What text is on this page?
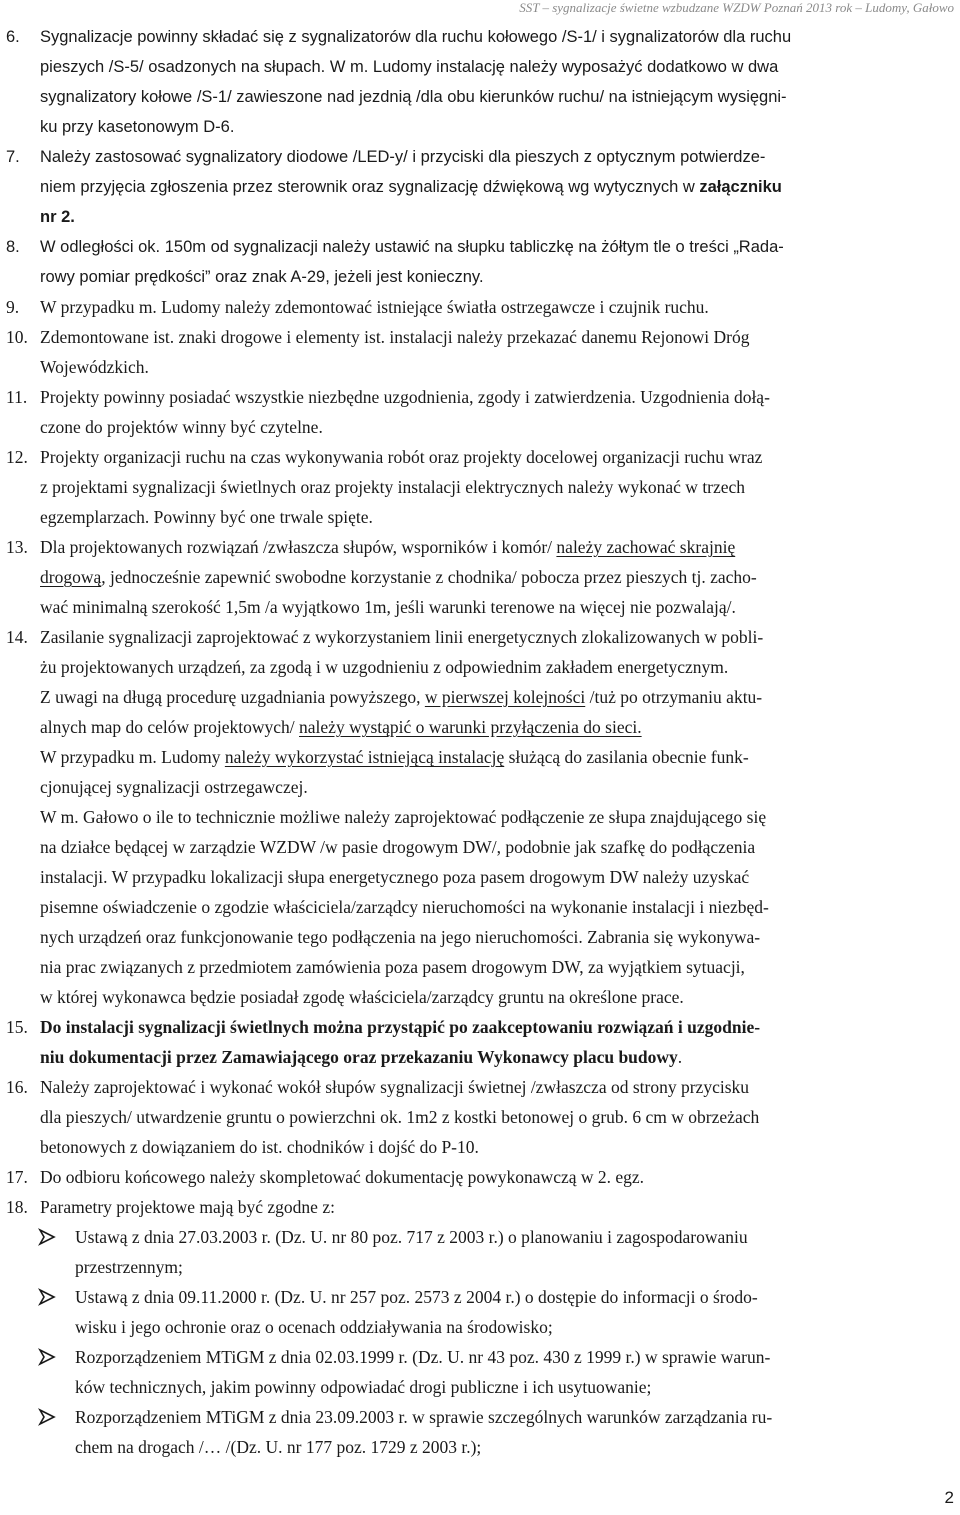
SST – sygnalizacje świetne wzbudzane WZDW Poznań 2013 rok – Ludomy, Gałowo
6.	Sygnalizacje powinny składać się z sygnalizatorów dla ruchu kołowego /S-1/ i sygnalizatorów dla ruchu
pieszych /S-5/ osadzonych na słupach. W m. Ludomy instalację należy wyposażyć dodatkowo w dwa
sygnalizatory kołowe /S-1/ zawieszone nad jezdnią /dla obu kierunków ruchu/ na istniejącym wysięgni-
ku przy kasetonowym D-6.
7.	Należy zastosować sygnalizatory diodowe /LED-y/ i przyciski dla pieszych z optycznym potwierdze-
niem przyjęcia zgłoszenia przez sterownik oraz sygnalizację dźwiękową wg wytycznych w załączniku
nr 2.
8.	W odległości ok. 150m od sygnalizacji należy ustawić na słupku tabliczkę na żółtym tle o treści „Rada-
rowy pomiar prędkości” oraz znak A-29, jeżeli jest konieczny.
9.	W przypadku m. Ludomy należy zdemontować istniejące światła ostrzegawcze i czujnik ruchu.
10. Zdemontowane ist. znaki drogowe i elementy ist. instalacji należy przekazać danemu Rejonowi Dróg
Wojewódzkich.
11. Projekty powinny posiadać wszystkie niezbędne uzgodnienia, zgody i zatwierdzenia. Uzgodnienia dołą-
czone do projektów winny być czytelne.
12. Projekty organizacji ruchu na czas wykonywania robót oraz projekty docelowej organizacji ruchu wraz
z projektami sygnalizacji świetlnych oraz projekty instalacji elektrycznych należy wykonać w trzech
egzemplarzach. Powinny być one trwale spięte.
13. Dla projektowanych rozwiązań /zwłaszcza słupów, wsporników i komór/ należy zachować skrajnię
drogową, jednocześnie zapewnić swobodne korzystanie z chodnika/ pobocza przez pieszych tj. zacho-
wać minimalną szerokość 1,5m /a wyjątkowo 1m, jeśli warunki terenowe na więcej nie pozwalają/.
14. Zasilanie sygnalizacji zaprojektować z wykorzystaniem linii energetycznych zlokalizowanych w pobli-
żu projektowanych urządzeń, za zgodą i w uzgodnieniu z odpowiednim zakładem energetycznym.
Z uwagi na długą procedurę uzgadniania powyższego, w pierwszej kolejności /tuż po otrzymaniu aktu-
alnych map do celów projektowych/ należy wystąpić o warunki przyłączenia do sieci.
W przypadku m. Ludomy należy wykorzystać istniejącą instalację służącą do zasilania obecnie funk-
cjonującej sygnalizacji ostrzegawczej.
W m. Gałowo o ile to technicznie możliwe należy zaprojektować podłączenie ze słupa znajdującego się
na działce będącej w zarządzie WZDW /w pasie drogowym DW/, podobnie jak szafkę do podłączenia
instalacji. W przypadku lokalizacji słupa energetycznego poza pasem drogowym DW należy uzyskać
pisemne oświadczenie o zgodzie właściciela/zarządcy nieruchomości na wykonanie instalacji i niezbęd-
nych urządzeń oraz funkcjonowanie tego podłączenia na jego nieruchomości. Zabrania się wykonywa-
nia prac związanych z przedmiotem zamówienia poza pasem drogowym DW, za wyjątkiem sytuacji,
w której wykonawca będzie posiadał zgodę właściciela/zarządcy gruntu na określone prace.
15. Do instalacji sygnalizacji świetlnych można przystąpić po zaakceptowaniu rozwiązań i uzgodnie-
niu dokumentacji przez Zamawiającego oraz przekazaniu Wykonawcy placu budowy.
16. Należy zaprojektować i wykonać wokół słupów sygnalizacji świetnej /zwłaszcza od strony przycisku
dla pieszych/ utwardzenie gruntu o powierzchni ok. 1m2 z kostki betonowej o grub. 6 cm w obrzeżach
betonowych z dowiązaniem do ist. chodników i dojść do P-10.
17. Do odbioru końcowego należy skompletować dokumentację powykonawczą w 2. egz.
18. Parametry projektowe mają być zgodne z:
Ustawą z dnia 27.03.2003 r. (Dz. U. nr 80 poz. 717 z 2003 r.) o planowaniu i zagospodarowaniu
przestrzennym;
Ustawą z dnia 09.11.2000 r. (Dz. U. nr 257 poz. 2573 z 2004 r.) o dostępie do informacji o środo-
wisku i jego ochronie oraz o ocenach oddziaływania na środowisko;
Rozporządzeniem MTiGM z dnia 02.03.1999 r. (Dz. U. nr 43 poz. 430 z 1999 r.) w sprawie warun-
ków technicznych, jakim powinny odpowiadać drogi publiczne i ich usytuowanie;
Rozporządzeniem MTiGM z dnia 23.09.2003 r. w sprawie szczególnych warunków zarządzania ru-
chem na drogach /… /(Dz. U. nr 177 poz. 1729 z 2003 r.);
2
